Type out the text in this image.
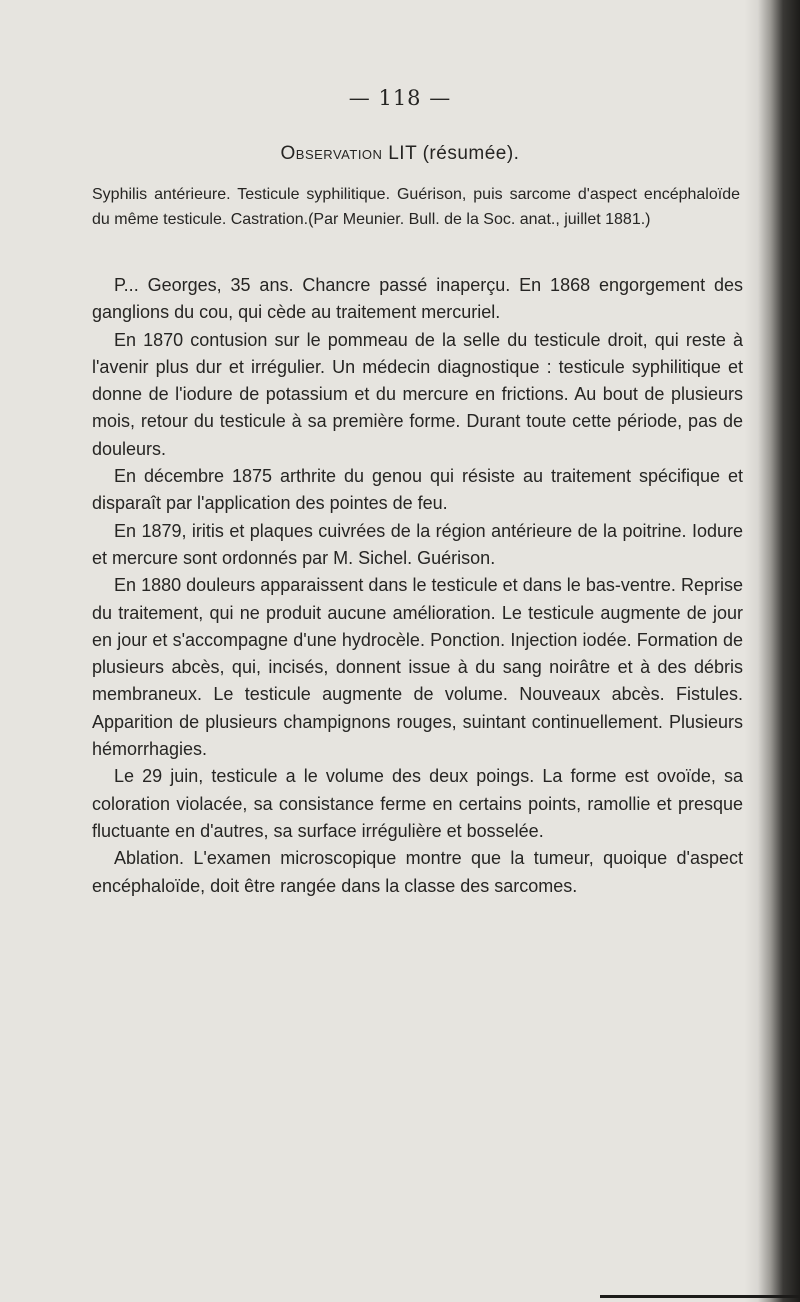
— 118 —
Observation LIT (résumée).
Syphilis antérieure. Testicule syphilitique. Guérison, puis sarcome d'aspect encéphaloïde du même testicule. Castration.(Par Meunier. Bull. de la Soc. anat., juillet 1881.)

P... Georges, 35 ans. Chancre passé inaperçu. En 1868 engorgement des ganglions du cou, qui cède au traitement mercuriel.

En 1870 contusion sur le pommeau de la selle du testicule droit, qui reste à l'avenir plus dur et irrégulier. Un médecin diagnostique : testicule syphilitique et donne de l'iodure de potassium et du mercure en frictions. Au bout de plusieurs mois, retour du testicule à sa première forme. Durant toute cette période, pas de douleurs.

En décembre 1875 arthrite du genou qui résiste au traitement spécifique et disparaît par l'application des pointes de feu.

En 1879, iritis et plaques cuivrées de la région antérieure de la poitrine. Iodure et mercure sont ordonnés par M. Sichel. Guérison.

En 1880 douleurs apparaissent dans le testicule et dans le bas-ventre. Reprise du traitement, qui ne produit aucune amélioration. Le testicule augmente de jour en jour et s'accompagne d'une hydrocèle. Ponction. Injection iodée. Formation de plusieurs abcès, qui, incisés, donnent issue à du sang noirâtre et à des débris membraneux. Le testicule augmente de volume. Nouveaux abcès. Fistules. Apparition de plusieurs champignons rouges, suintant continuellement. Plusieurs hémorrhagies.

Le 29 juin, testicule a le volume des deux poings. La forme est ovoïde, sa coloration violacée, sa consistance ferme en certains points, ramollie et presque fluctuante en d'autres, sa surface irrégulière et bosselée.

Ablation. L'examen microscopique montre que la tumeur, quoique d'aspect encéphaloïde, doit être rangée dans la classe des sarcomes.
